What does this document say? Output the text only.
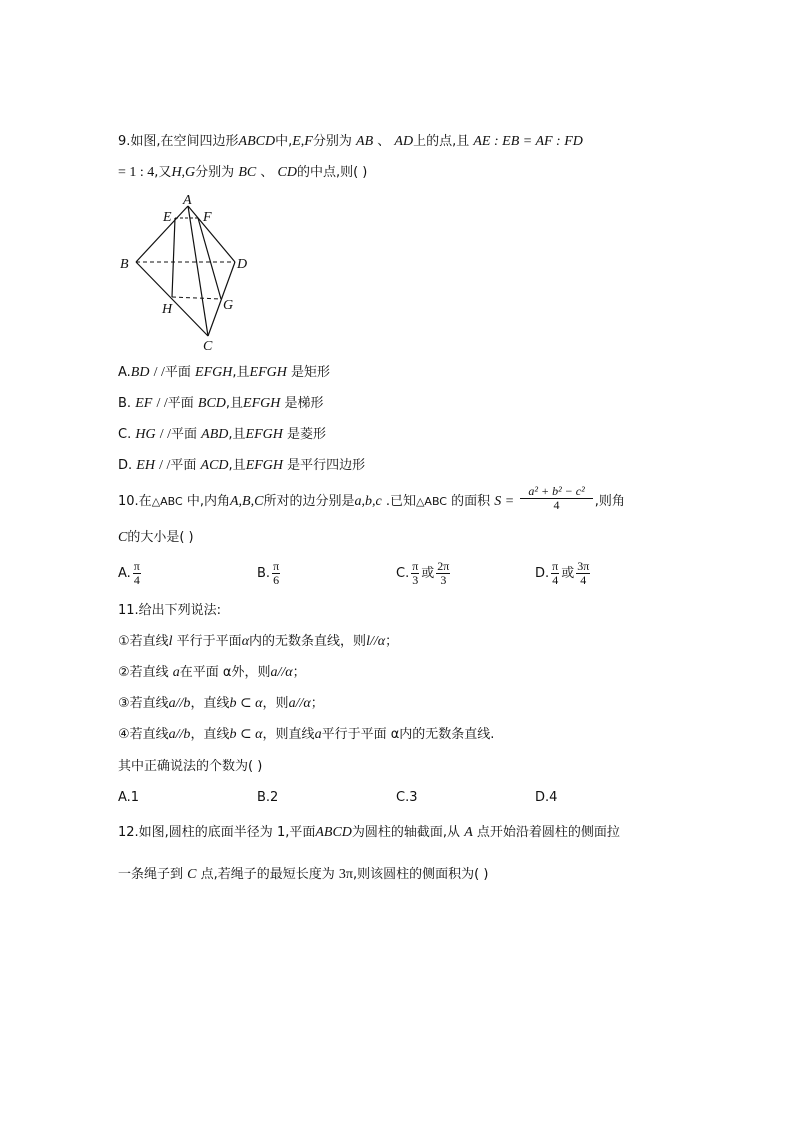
9.如图,在空间四边形ABCD中,E,F分别为 AB 、 AD上的点,且 AE : EB = AF : FD
= 1 : 4,又H,G分别为 BC 、 CD的中点,则( )
A
E F
B	D
H	G
C
A.BD / /平面 EFGH,且EFGH 是矩形
B. EF / /平面 BCD,且EFGH 是梯形
C. HG / /平面 ABD,且EFGH 是菱形
D. EH / /平面 ACD,且EFGH 是平行四边形
10.在△ABC 中,内角A,B,C所对的边分别是a,b,c .已知△ABC 的面积 $S = \frac{\text{a² + b² − c²}}{4}$ ,则角
C的大小是( )
A. $\frac{\pi}{4}$	B. $\frac{\pi}{6}$	C. $\frac{\pi}{3}$ 或 $\frac{2\pi}{3}$	D. $\frac{\pi}{4}$ 或 $\frac{3\pi}{4}$
11.给出下列说法:
①若直线l 平行于平面α内的无数条直线，则l//α；
②若直线 a在平面 α外，则a//α；
③若直线a//b，直线b ⊂ α，则a//α；
④若直线a//b，直线b ⊂ α，则直线a平行于平面 α内的无数条直线.
其中正确说法的个数为( )
A.1	B.2	C.3	D.4
12.如图,圆柱的底面半径为 1,平面ABCD为圆柱的轴截面,从 A 点开始沿着圆柱的侧面拉
一条绳子到 C 点,若绳子的最短长度为 3π,则该圆柱的侧面积为( )
